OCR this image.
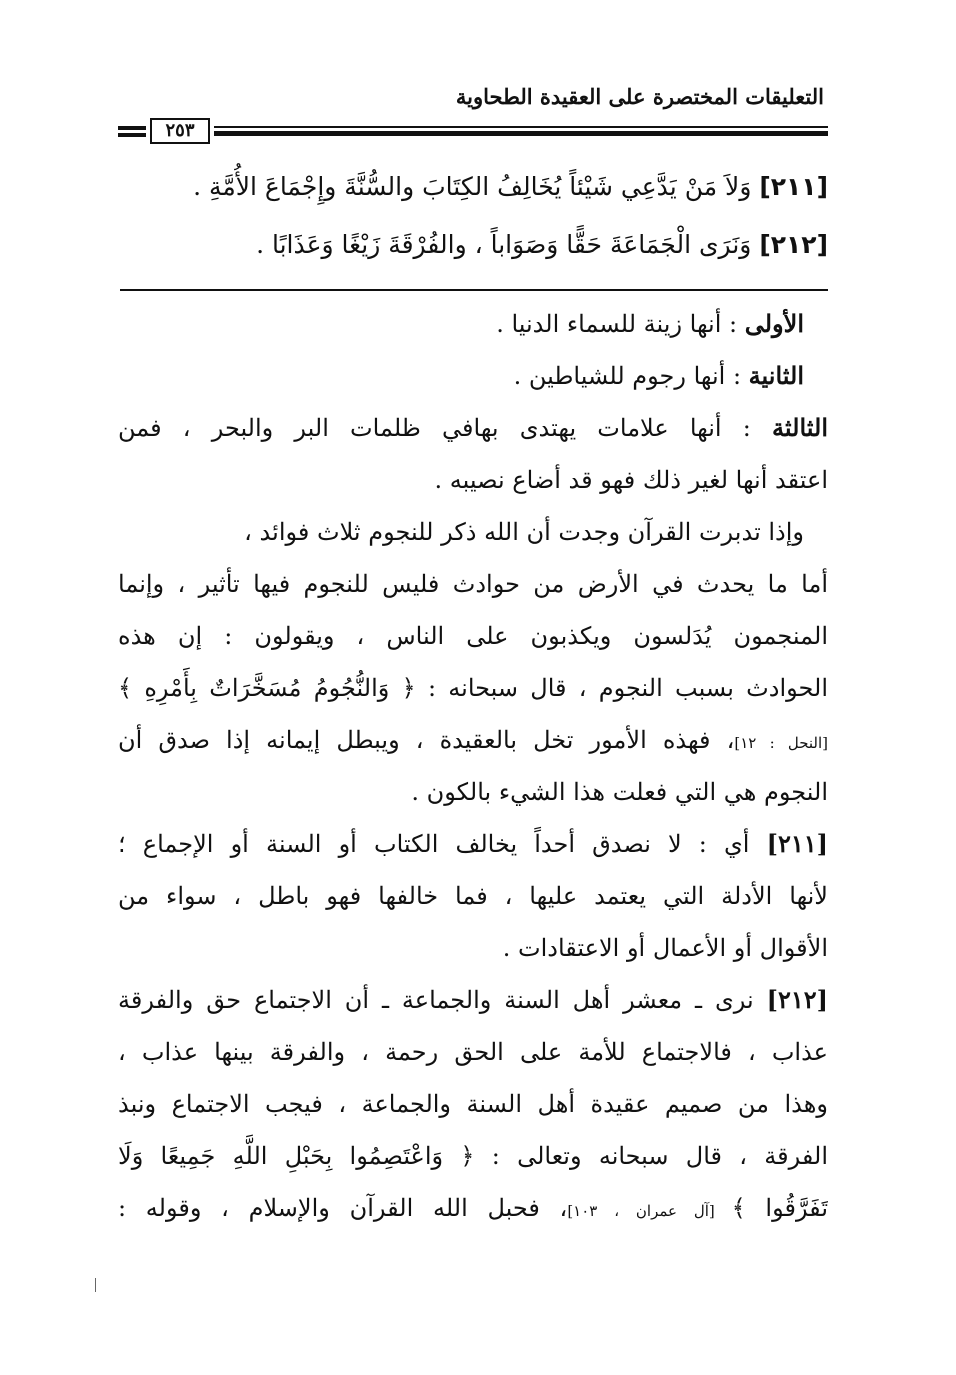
التعليقات المختصرة على العقيدة الطحاوية
٢٥٣
[٢١١] وَلاَ مَنْ يَدَّعِي شَيْئاً يُخَالِفُ الكِتَابَ والسُّنَّةَ وإِجْمَاعَ الأُمَّةِ .
[٢١٢] وَنَرَى الْجَمَاعَةَ حَقًّا وَصَوَاباً ، والفُرْقَةَ زَيْغًا وَعَذَابًا .
الأولى : أنها زينة للسماء الدنيا .
الثانية : أنها رجوم للشياطين .
الثالثة : أنها علامات يهتدى بهافي ظلمات البر والبحر ، فمن
اعتقد أنها لغير ذلك فهو قد أضاع نصيبه .
وإذا تدبرت القرآن وجدت أن الله ذكر للنجوم ثلاث فوائد ،
أما ما يحدث في الأرض من حوادث فليس للنجوم فيها تأثير ، وإنما
المنجمون يُدَلسون ويكذبون على الناس ، ويقولون : إن هذه
الحوادث بسبب النجوم ، قال سبحانه : ﴿ وَالنُّجُومُ مُسَخَّرَاتٌ بِأَمْرِهِ ﴾
[النحل : ١٢]، فهذه الأمور تخل بالعقيدة ، ويبطل إيمانه إذا صدق أن
النجوم هي التي فعلت هذا الشيء بالكون .
[٢١١] أي : لا نصدق أحداً يخالف الكتاب أو السنة أو الإجماع ؛
لأنها الأدلة التي يعتمد عليها ، فما خالفها فهو باطل ، سواء من
الأقوال أو الأعمال أو الاعتقادات .
[٢١٢] نرى ـ معشر أهل السنة والجماعة ـ أن الاجتماع حق والفرقة
عذاب ، فالاجتماع للأمة على الحق رحمة ، والفرقة بينها عذاب ،
وهذا من صميم عقيدة أهل السنة والجماعة ، فيجب الاجتماع ونبذ
الفرقة ، قال سبحانه وتعالى : ﴿ وَاعْتَصِمُوا بِحَبْلِ اللَّهِ جَمِيعًا وَلَا
تَفَرَّقُوا ﴾ [آل عمران ، ١٠٣]، فحبل الله القرآن والإسلام ، وقوله :
